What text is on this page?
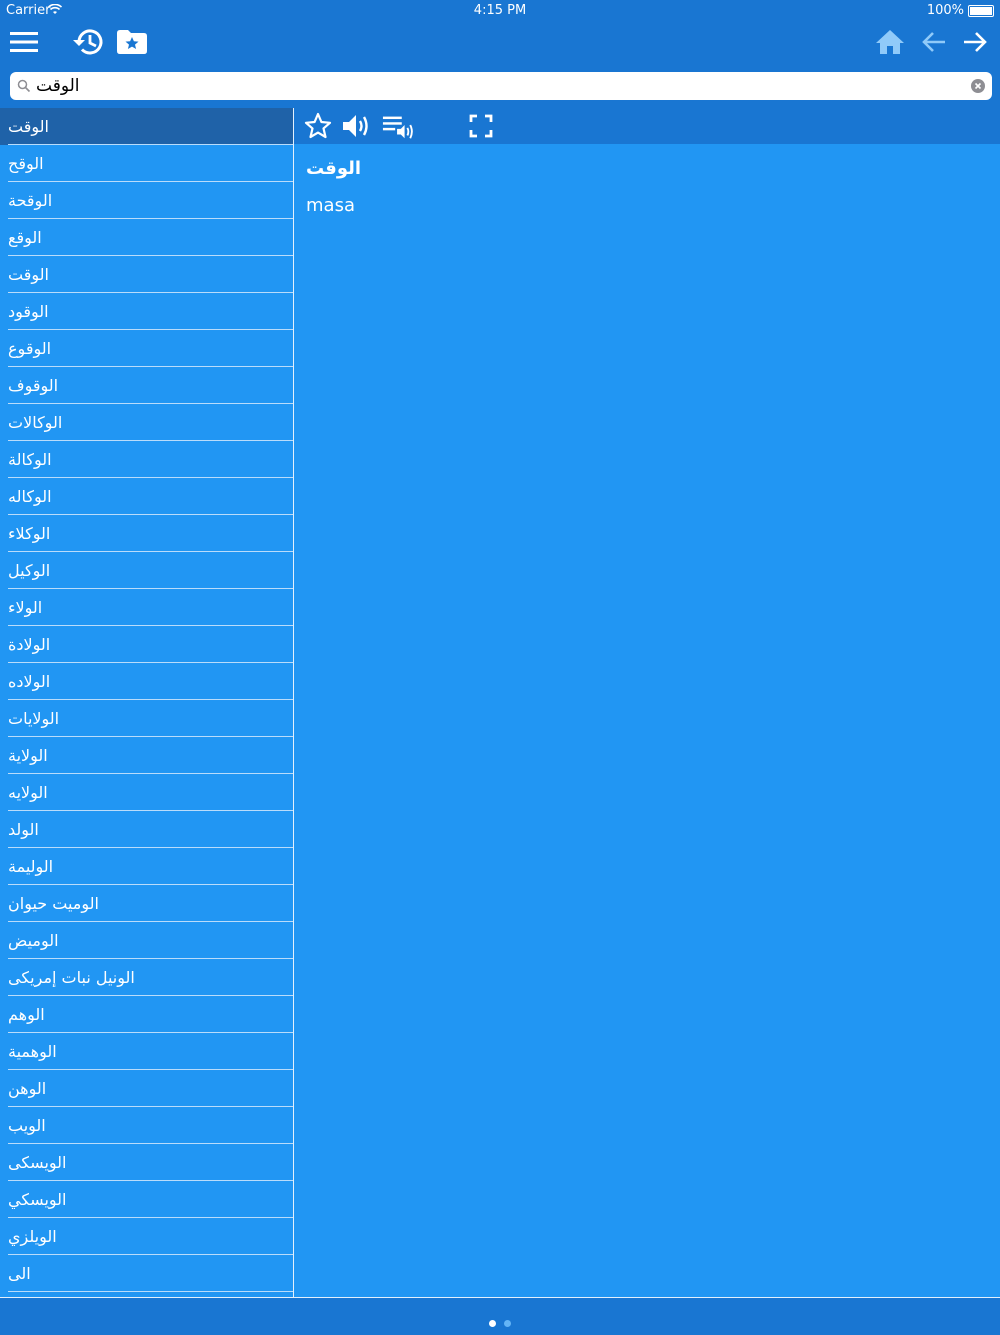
Carrier	4:15 PM	100%
الوقت
الوقت
الوقح
الوقحة
الوقع
الوقت
الوقود
الوقوع
الوقوف
الوكالات
الوكالة
الوكاله
الوكلاء
الوكيل
الولاء
الولادة
الولاده
الولايات
الولاية
الولايه
الولد
الوليمة
الوميت حيوان
الوميض
الونيل نبات إمريكى
الوهم
الوهمية
الوهن
الويب
الويسكى
الويسكي
الويلزي
الى
الوقت
masa
